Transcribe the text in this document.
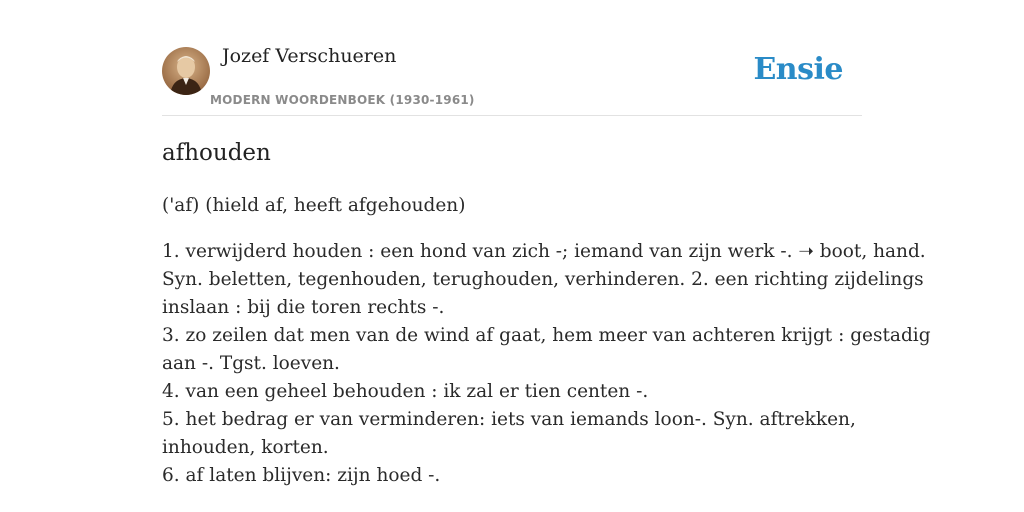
Jozef Verschueren
MODERN WOORDENBOEK (1930-1961)
Ensie
afhouden
('af) (hield af, heeft afgehouden)
1. verwijderd houden : een hond van zich -; iemand van zijn werk -. ➝ boot, hand.
Syn. beletten, tegenhouden, terughouden, verhinderen. 2. een richting zijdelings
inslaan : bij die toren rechts -.
3. zo zeilen dat men van de wind af gaat, hem meer van achteren krijgt : gestadig
aan -. Tgst. loeven.
4. van een geheel behouden : ik zal er tien centen -.
5. het bedrag er van verminderen: iets van iemands loon-. Syn. aftrekken,
inhouden, korten.
6. af laten blijven: zijn hoed -.
